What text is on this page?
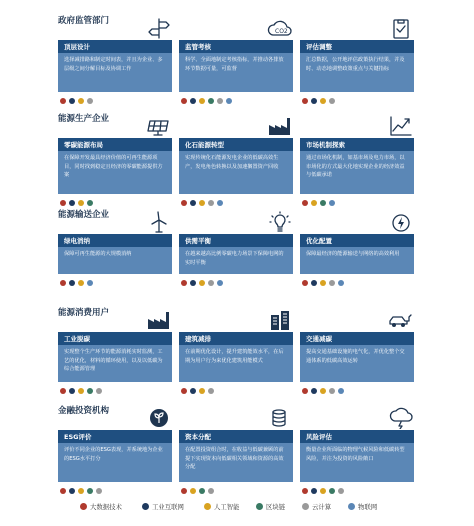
政府监管部门
顶层设计
选择减排路和制定时间表，并且为企业、多层级之间分解目标及协调工作
CO2
监管考核
科学、全面地制定考核指标，并推动各排放环节数据可量，可监督
评估调整
汇总数据，公开地评估政策执行结果，并及时、动态地调整政策重点与关键指标
能源生产企业
零碳能源布局
在保障开发最具经济价值的可再生能源项目，同时找到稳定且经济的零碳能源提供方案
化石能源转型
实现传统化石能源发电企业的低碳高效生产，发电角色转换以及加速搁置资产回收
市场机制探索
通过市场化机制，如基市场及电力市场，以市场化的方式最大化地实现企业的经济效益与低碳承诺
能源输送企业
绿电消纳
保障可再生能源的大规模消纳
供需平衡
在越来越高比例零碳电力场景下保障电网的实时平衡
优化配置
保障最经济的能源输送与网络的高效利用
能源消费用户
工业脱碳
实现整个生产环节的能源消耗实时监测，工艺的优化，材料的循环使用，以及以低碳为综合能源管理
建筑减排
在前期优化设计，提升建筑能效水平，在后期为用户行为来优化建筑用能模式
交通减碳
提高交通基础设施的电气化，并优化整个交通体系的低碳高效运转
金融投资机构
ESG评价
评价不同企业的ESG表现，并系统地为企业的ESG水平打分
资本分配
在配置投资组合时，在收益与低碳兼顾的前提下实现资本向低碳相关领域和资源的高效分配
风险评估
衡量企业所面临的物理气候风险和低碳转型风险，并注为投资的风险敞口
大数据技术	工业互联网	人工智能	区块链	云计算	物联网
